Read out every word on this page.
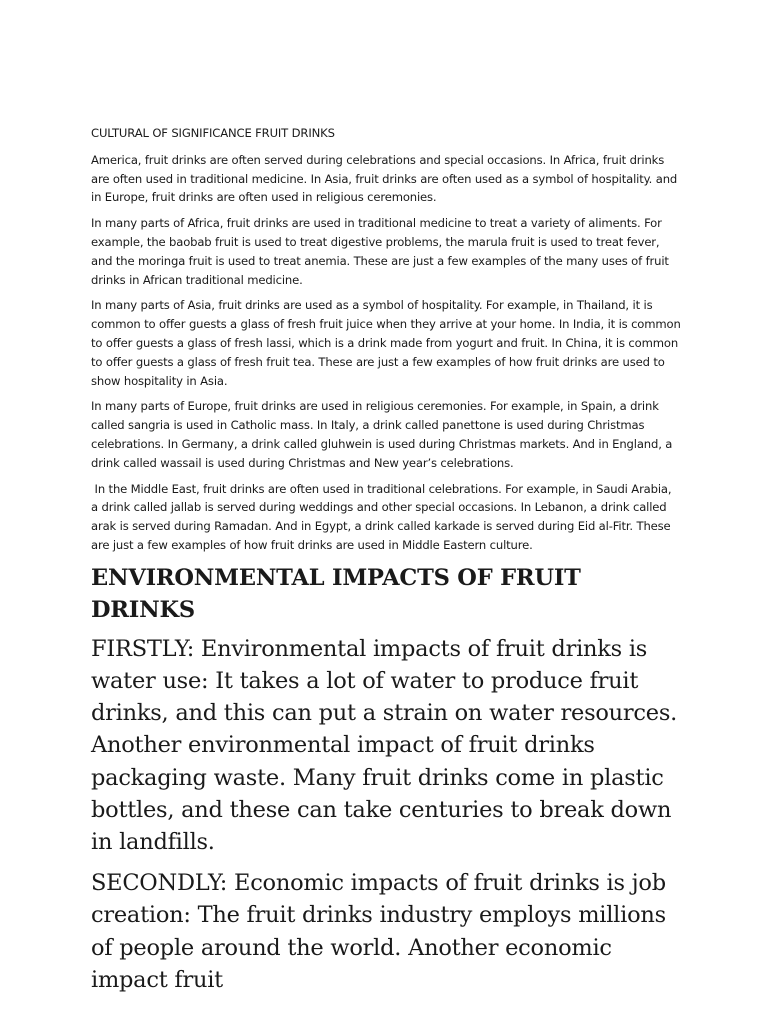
CULTURAL OF SIGNIFICANCE FRUIT DRINKS

America, fruit drinks are often served during celebrations and special occasions. In Africa, fruit drinks are often used in traditional medicine. In Asia, fruit drinks are often used as a symbol of hospitality. and in Europe, fruit drinks are often used in religious ceremonies.

In many parts of Africa, fruit drinks are used in traditional medicine to treat a variety of aliments. For example, the baobab fruit is used to treat digestive problems, the marula fruit is used to treat fever, and the moringa fruit is used to treat anemia. These are just a few examples of the many uses of fruit drinks in African traditional medicine.

In many parts of Asia, fruit drinks are used as a symbol of hospitality. For example, in Thailand, it is common to offer guests a glass of fresh fruit juice when they arrive at your home. In India, it is common to offer guests a glass of fresh lassi, which is a drink made from yogurt and fruit. In China, it is common to offer guests a glass of fresh fruit tea. These are just a few examples of how fruit drinks are used to show hospitality in Asia.

In many parts of Europe, fruit drinks are used in religious ceremonies. For example, in Spain, a drink called sangria is used in Catholic mass. In Italy, a drink called panettone is used during Christmas celebrations. In Germany, a drink called gluhwein is used during Christmas markets. And in England, a drink called wassail is used during Christmas and New year’s celebrations.

In the Middle East, fruit drinks are often used in traditional celebrations. For example, in Saudi Arabia, a drink called jallab is served during weddings and other special occasions. In Lebanon, a drink called arak is served during Ramadan. And in Egypt, a drink called karkade is served during Eid al-Fitr. These are just a few examples of how fruit drinks are used in Middle Eastern culture.

ENVIRONMENTAL IMPACTS OF FRUIT DRINKS

FIRSTLY: Environmental impacts of fruit drinks is water use: It takes a lot of water to produce fruit drinks, and this can put a strain on water resources. Another environmental impact of fruit drinks packaging waste. Many fruit drinks come in plastic bottles, and these can take centuries to break down in landfills.

SECONDLY: Economic impacts of fruit drinks is job creation: The fruit drinks industry employs millions of people around the world. Another economic impact fruit
